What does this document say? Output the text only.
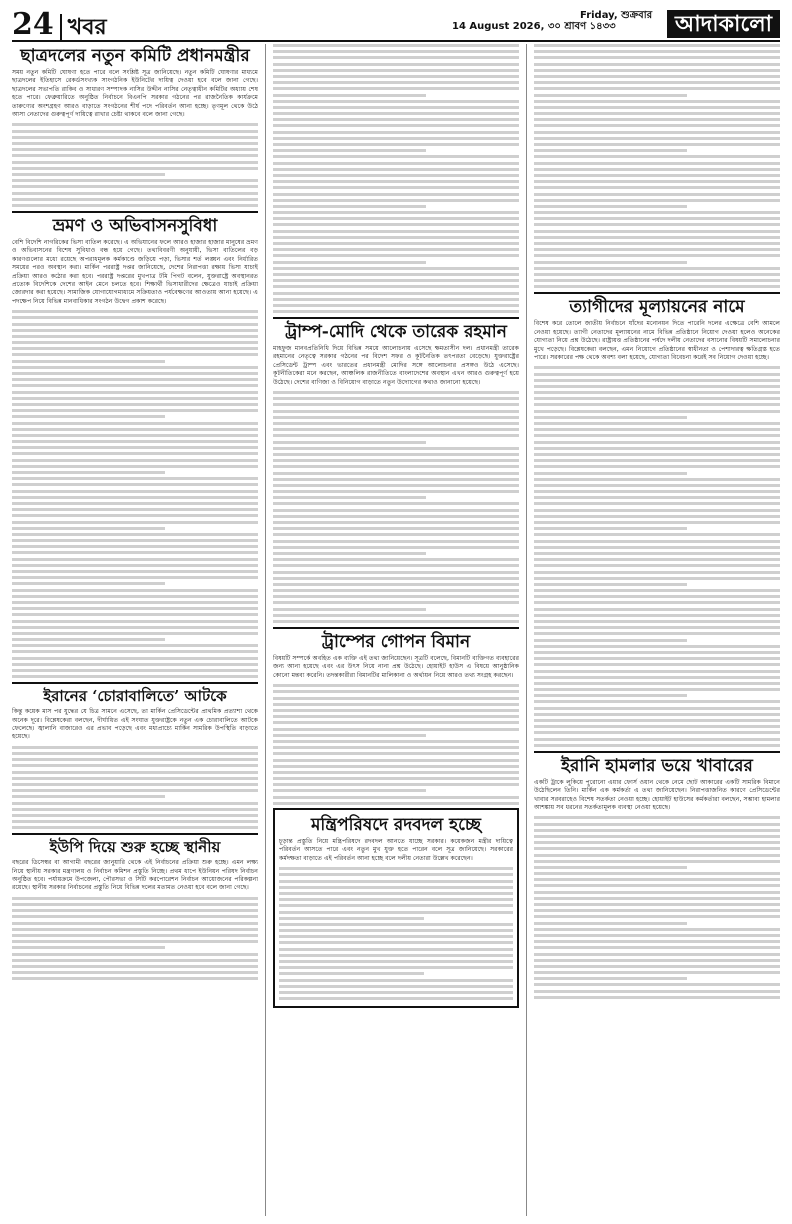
24 খবর	14 August 2026, ৩০ শ্রাবণ ১৪৩৩
Friday, শুক্রবার	আদাকালো
ছাত্রদলের নতুন কমিটি প্রধানমন্ত্রীর

সময় নতুন কমিটি ঘোষণা হতে পারে বলে সংশ্লিষ্ট সূত্র জানিয়েছে। নতুন কমিটি ঘোষণার মাধ্যমে ছাত্রদলের ইতিহাসে রেকর্ডসংখ্যক সাংগঠনিক ইউনিটের দায়িত্ব দেওয়া হবে বলে জানা গেছে। ছাত্রদলের সভাপতি রাকিব ও সাধারণ সম্পাদক নাসির উদ্দীন নাসির নেতৃত্বাধীন কমিটির অধ্যায় শেষ হতে পারে। ফেব্রুয়ারিতে অনুষ্ঠিত নির্বাচনে বিএনপি সরকার গঠনের পর রাজনৈতিক কার্যক্রমে তারুণ্যের অংশগ্রহণ আরও বাড়াতে সংগঠনের শীর্ষ পদে পরিবর্তন আনা হচ্ছে। তৃণমূল থেকে উঠে আসা নেতাদের গুরুত্বপূর্ণ দায়িত্বে রাখার চেষ্টা থাকবে বলে জানা গেছে।

ভ্রমণ ও অভিবাসনসুবিধা

বেশি বিদেশি নাগরিকের ভিসা বাতিল করেছে। এ অভিযানের ফলে আরও হাজার হাজার মানুষের ভ্রমণ ও অভিবাসনের বিশেষ সুবিধাও বন্ধ হয়ে গেছে। তথ্যবিবরণী অনুযায়ী, ভিসা বাতিলের বড় কারণগুলোর মধ্যে রয়েছে অপরাধমূলক কর্মকাণ্ডে জড়িয়ে পড়া, ভিসার শর্ত লঙ্ঘন এবং নির্ধারিত সময়ের পরও অবস্থান করা। মার্কিন পররাষ্ট্র দপ্তর জানিয়েছে, দেশের নিরাপত্তা রক্ষায় ভিসা যাচাই প্রক্রিয়া আরও কঠোর করা হবে। পররাষ্ট্র দপ্তরের মুখপাত্র টমি পিগট বলেন, যুক্তরাষ্ট্রে অবস্থানরত প্রত্যেক বিদেশিকে দেশের আইন মেনে চলতে হবে। শিক্ষার্থী ভিসাধারীদের ক্ষেত্রেও যাচাই প্রক্রিয়া জোরদার করা হয়েছে। সামাজিক যোগাযোগমাধ্যমে সক্রিয়তাও পর্যবেক্ষণের আওতায় আনা হয়েছে। এ পদক্ষেপ নিয়ে বিভিন্ন মানবাধিকার সংগঠন উদ্বেগ প্রকাশ করেছে।

ইরানের ‘চোরাবালিতে’ আটকে

কিন্তু কয়েক মাস পর যুদ্ধের যে চিত্র সামনে এসেছে, তা মার্কিন প্রেসিডেন্টের প্রাথমিক প্রত্যাশা থেকে অনেক দূরে। বিশ্লেষকেরা বলছেন, দীর্ঘায়িত এই সংঘাত যুক্তরাষ্ট্রকে নতুন এক চোরাবালিতে আটকে ফেলেছে। জ্বালানি বাজারেও এর প্রভাব পড়েছে এবং মধ্যপ্রাচ্যে মার্কিন সামরিক উপস্থিতি বাড়াতে হয়েছে।

ইউপি দিয়ে শুরু হচ্ছে স্থানীয়

বছরের ডিসেম্বর বা আগামী বছরের জানুয়ারি থেকে এই নির্বাচনের প্রক্রিয়া শুরু হচ্ছে। এমন লক্ষ্য নিয়ে স্থানীয় সরকার মন্ত্রণালয় ও নির্বাচন কমিশন প্রস্তুতি নিচ্ছে। প্রথম ধাপে ইউনিয়ন পরিষদ নির্বাচন অনুষ্ঠিত হবে। পর্যায়ক্রমে উপজেলা, পৌরসভা ও সিটি করপোরেশন নির্বাচন আয়োজনের পরিকল্পনা রয়েছে। স্থানীয় সরকার নির্বাচনের প্রস্তুতি নিয়ে বিভিন্ন দলের মতামত নেওয়া হবে বলে জানা গেছে।

ট্রাম্প-মোদি থেকে তারেক রহমান

মাহফুজ মানবপ্রতিনিধি দিয়ে বিভিন্ন সময়ে আলোচনায় এসেছে ক্ষমতাসীন দল। প্রধানমন্ত্রী তারেক রহমানের নেতৃত্বে সরকার গঠনের পর বিদেশ সফর ও কূটনৈতিক তৎপরতা বেড়েছে। যুক্তরাষ্ট্রের প্রেসিডেন্ট ট্রাম্প এবং ভারতের প্রধানমন্ত্রী মোদির সঙ্গে আলোচনার প্রসঙ্গও উঠে এসেছে। কূটনীতিকেরা মনে করছেন, আঞ্চলিক রাজনীতিতে বাংলাদেশের অবস্থান এখন আরও গুরুত্বপূর্ণ হয়ে উঠেছে। দেশের বাণিজ্য ও বিনিয়োগ বাড়াতে নতুন উদ্যোগের কথাও জানানো হয়েছে।

ট্রাম্পের গোপন বিমান

বিষয়টি সম্পর্কে অবহিত এক ব্যক্তি এই তথ্য জানিয়েছেন। সূত্রটি বলেছে, বিমানটি ব্যক্তিগত ব্যবহারের জন্য আনা হয়েছে এবং এর উৎস নিয়ে নানা প্রশ্ন উঠেছে। হোয়াইট হাউস এ বিষয়ে আনুষ্ঠানিক কোনো মন্তব্য করেনি। তদন্তকারীরা বিমানটির মালিকানা ও অর্থায়ন নিয়ে আরও তথ্য সংগ্রহ করছেন।

মন্ত্রিপরিষদে রদবদল হচ্ছে

চূড়ান্ত প্রস্তুতি নিয়ে মন্ত্রিপরিষদে রদবদল আনতে যাচ্ছে সরকার। কয়েকজন মন্ত্রীর দায়িত্বে পরিবর্তন আসতে পারে এবং নতুন মুখ যুক্ত হতে পারেন বলে সূত্র জানিয়েছে। সরকারের কর্মদক্ষতা বাড়াতে এই পরিবর্তন আনা হচ্ছে বলে দলীয় নেতারা উল্লেখ করেছেন।

ত্যাগীদের মূল্যায়নের নামে

বিশেষ করে তোলে জাতীয় নির্বাচনে যাঁদের মনোনয়ন দিতে পারেনি দলের এক্ষেত্রে বেশি আমলে নেওয়া হয়েছে। ত্যাগী নেতাদের মূল্যায়নের নামে বিভিন্ন প্রতিষ্ঠানে নিয়োগ দেওয়া হলেও অনেকের যোগ্যতা নিয়ে প্রশ্ন উঠেছে। রাষ্ট্রায়ত্ত প্রতিষ্ঠানের পর্ষদে দলীয় নেতাদের বসানোর বিষয়টি সমালোচনার মুখে পড়েছে। বিশ্লেষকেরা বলছেন, এমন নিয়োগে প্রতিষ্ঠানের স্বাধীনতা ও পেশাদারত্ব ক্ষতিগ্রস্ত হতে পারে। সরকারের পক্ষ থেকে অবশ্য বলা হয়েছে, যোগ্যতা বিবেচনা করেই সব নিয়োগ দেওয়া হচ্ছে।

ইরানি হামলার ভয়ে খাবারের

একটি ট্রাকে লুকিয়ে পুরোনো এয়ার ফোর্স ওয়ান থেকে নেমে ছোট আকারের একটি সামরিক বিমানে উঠেছিলেন তিনি। মার্কিন এক কর্মকর্তা এ তথ্য জানিয়েছেন। নিরাপত্তাজনিত কারণে প্রেসিডেন্টের খাবার সরবরাহেও বিশেষ সতর্কতা নেওয়া হচ্ছে। হোয়াইট হাউসের কর্মকর্তারা বলছেন, সম্ভাব্য হামলার আশঙ্কায় সব ধরনের সতর্কতামূলক ব্যবস্থা নেওয়া হয়েছে।
